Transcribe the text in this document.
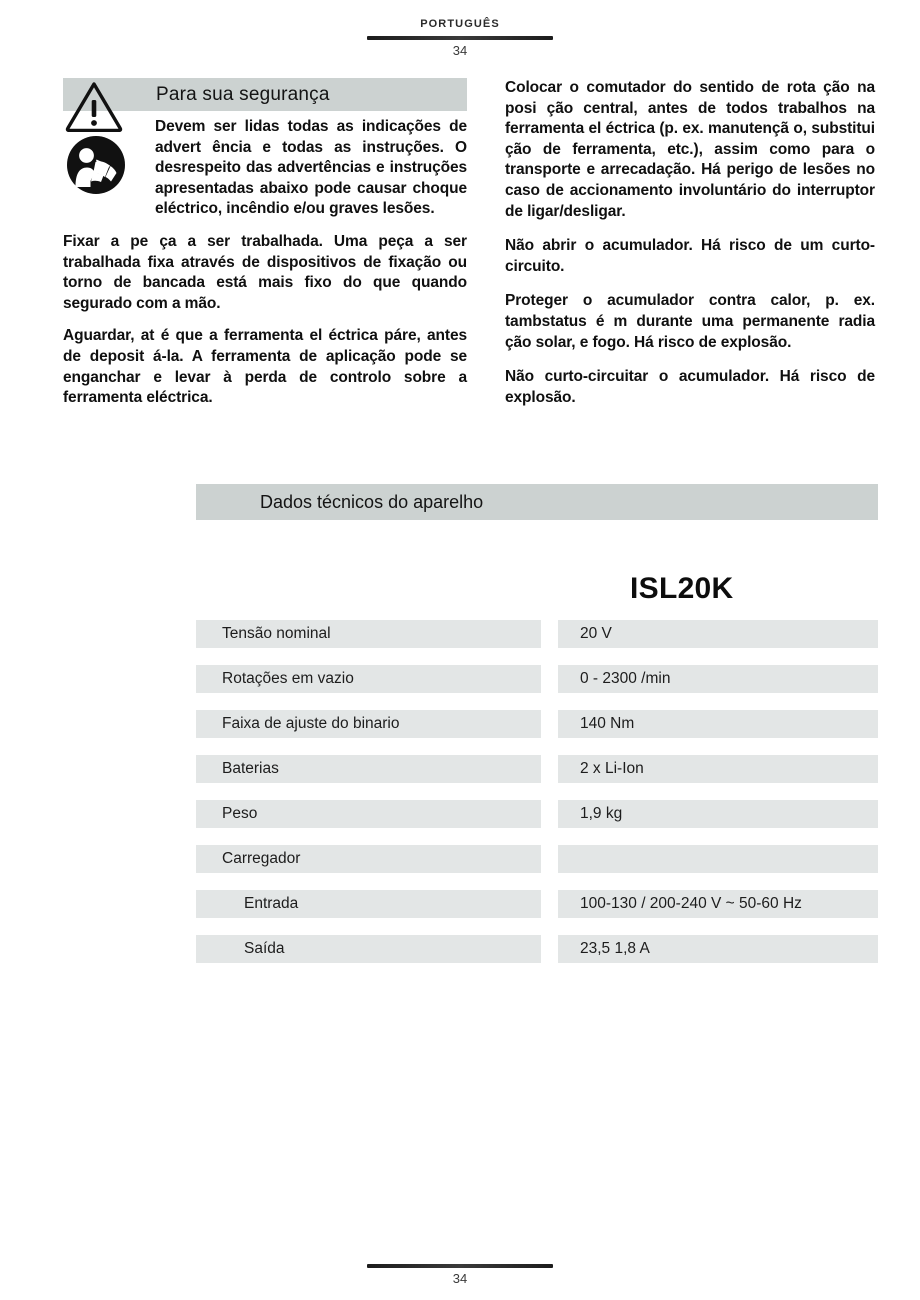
PORTUGUÊS
34
Para sua segurança

Devem ser lidas todas as indicações de advert ência e todas as instruções. O desrespeito das advertências e instruções apresentadas abaixo pode causar choque eléctrico, incêndio e/ou graves lesões.

Fixar a pe ça a ser trabalhada. Uma peça a ser trabalhada fixa através de dispositivos de fixação ou torno de bancada está mais fixo do que quando segurado com a mão.

Aguardar, at é que a ferramenta el éctrica páre, antes de deposit á-la. A ferramenta de aplicação pode se enganchar e levar à perda de controlo sobre a ferramenta eléctrica.

Colocar o comutador do sentido de rota ção na posi ção central, antes de todos trabalhos na ferramenta el éctrica (p. ex. manutençã o, substitui ção de ferramenta, etc.), assim como para o transporte e arrecadação. Há perigo de lesões no caso de accionamento involuntário do interruptor de ligar/desligar.

Não abrir o acumulador. Há risco de um curto-circuito.

Proteger o acumulador contra calor, p. ex. tambstatus é m durante uma permanente radia ção solar, e fogo. Há risco de explosão.

Não curto-circuitar o acumulador. Há risco de explosão.

Dados técnicos do aparelho
ISL20K
Tensão nominal	20 V
Rotações em vazio	0 - 2300 /min
Faixa de ajuste do binario	140 Nm
Baterias	2 x Li-Ion
Peso	1,9 kg
Carregador
Entrada	100-130 / 200-240 V ~ 50-60 Hz
Saída	23,5 1,8 A
34
